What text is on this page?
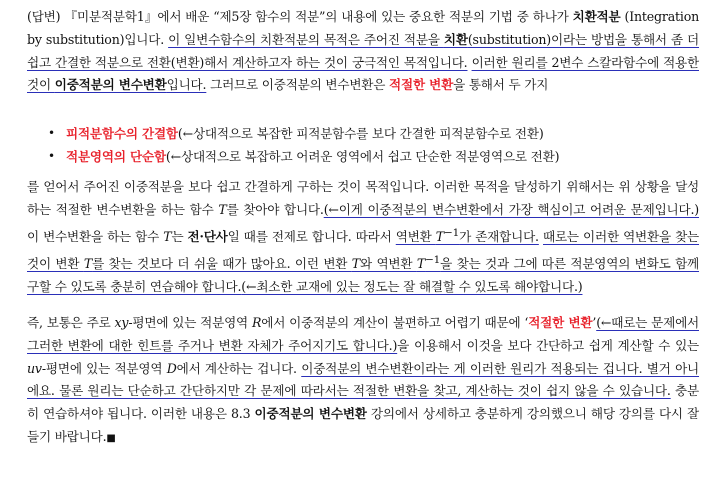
(답변) 『미분적분학1』에서 배운 “제5장 함수의 적분”의 내용에 있는 중요한 적분의 기법 중 하나가 치환적분 (Integration by substitution)입니다. 이 일변수함수의 치환적분의 목적은 주어진 적분을 치환(substitution)이라는 방법을 통해서 좀 더 쉽고 간결한 적분으로 전환(변환)해서 계산하고자 하는 것이 궁극적인 목적입니다. 이러한 원리를 2변수 스칼라함수에 적용한 것이 이중적분의 변수변환입니다. 그러므로 이중적분의 변수변환은 적절한 변환을 통해서 두 가지

• 피적분함수의 간결함(←상대적으로 복잡한 피적분함수를 보다 간결한 피적분함수로 전환)
• 적분영역의 단순함(←상대적으로 복잡하고 어려운 영역에서 쉽고 단순한 적분영역으로 전환)

를 얻어서 주어진 이중적분을 보다 쉽고 간결하게 구하는 것이 목적입니다. 이러한 목적을 달성하기 위해서는 위 상황을 달성하는 적절한 변수변환을 하는 함수 T를 찾아야 합니다.(←이게 이중적분의 변수변환에서 가장 핵심이고 어려운 문제입니다.) 이 변수변환을 하는 함수 T는 전·단사일 때를 전제로 합니다. 따라서 역변환 $T^{-1}$가 존재합니다. 때로는 이러한 역변환을 찾는 것이 변환 T를 찾는 것보다 더 쉬울 때가 많아요. 이런 변환 T와 역변환 $T^{-1}$을 찾는 것과 그에 따른 적분영역의 변화도 함께 구할 수 있도록 충분히 연습해야 합니다.(←최소한 교재에 있는 정도는 잘 해결할 수 있도록 해야합니다.)

즉, 보통은 주로 xy-평면에 있는 적분영역 R에서 이중적분의 계산이 불편하고 어렵기 때문에 ‘적절한 변환’(←때로는 문제에서 그러한 변환에 대한 힌트를 주거나 변환 자체가 주어지기도 합니다.)을 이용해서 이것을 보다 간단하고 쉽게 계산할 수 있는 uv-평면에 있는 적분영역 D에서 계산하는 겁니다. 이중적분의 변수변환이라는 게 이러한 원리가 적용되는 겁니다. 별거 아니에요. 물론 원리는 단순하고 간단하지만 각 문제에 따라서는 적절한 변환을 찾고, 계산하는 것이 쉽지 않을 수 있습니다. 충분히 연습하셔야 됩니다. 이러한 내용은 8.3 이중적분의 변수변환 강의에서 상세하고 충분하게 강의했으니 해당 강의를 다시 잘 들기 바랍니다.■
